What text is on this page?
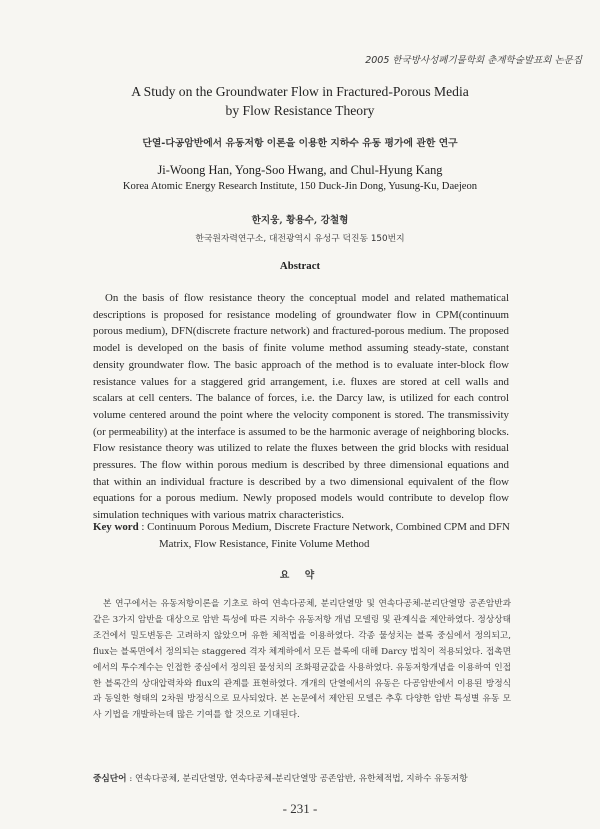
2005 한국방사성폐기물학회 춘계학술발표회 논문집
A Study on the Groundwater Flow in Fractured-Porous Media
by Flow Resistance Theory
단열-다공암반에서 유동저항 이론을 이용한 지하수 유동 평가에 관한 연구
Ji-Woong Han, Yong-Soo Hwang, and Chul-Hyung Kang
Korea Atomic Energy Research Institute, 150 Duck-Jin Dong, Yusung-Ku, Daejeon
한지웅, 황용수, 강철형
한국원자력연구소, 대전광역시 유성구 덕진동 150번지
Abstract

On the basis of flow resistance theory the conceptual model and related mathematical descriptions is proposed for resistance modeling of groundwater flow in CPM(continuum porous medium), DFN(discrete fracture network) and fractured-porous medium. The proposed model is developed on the basis of finite volume method assuming steady-state, constant density groundwater flow. The basic approach of the method is to evaluate inter-block flow resistance values for a staggered grid arrangement, i.e. fluxes are stored at cell walls and scalars at cell centers. The balance of forces, i.e. the Darcy law, is utilized for each control volume centered around the point where the velocity component is stored. The transmissivity (or permeability) at the interface is assumed to be the harmonic average of neighboring blocks. Flow resistance theory was utilized to relate the fluxes between the grid blocks with residual pressures. The flow within porous medium is described by three dimensional equations and that within an individual fracture is described by a two dimensional equivalent of the flow equations for a porous medium. Newly proposed models would contribute to develop flow simulation techniques with various matrix characteristics.

Key word : Continuum Porous Medium, Discrete Fracture Network, Combined CPM and DFN
Matrix, Flow Resistance, Finite Volume Method
요 약

본 연구에서는 유동저항이론을 기초로 하여 연속다공체, 분리단열망 및 연속다공체-분리단열망 공존암반과 같은 3가지 암반을 대상으로 암반 특성에 따른 지하수 유동저항 개념 모델링 및 관계식을 제안하였다. 정상상태조건에서 밀도변동은 고려하지 않았으며 유한 체적법을 이용하였다. 각종 물성치는 블록 중심에서 정의되고, flux는 블록면에서 정의되는 staggered 격자 체계하에서 모든 블록에 대해 Darcy 법칙이 적용되었다. 접촉면에서의 투수계수는 인접한 중심에서 정의된 물성치의 조화평균값을 사용하였다. 유동저항개념을 이용하여 인접한 블록간의 상대압력차와 flux의 관계를 표현하였다. 개개의 단열에서의 유동은 다공암반에서 이용된 방정식과 동일한 형태의 2차원 방정식으로 묘사되었다. 본 논문에서 제안된 모델은 추후 다양한 암반 특성별 유동 모사 기법을 개발하는데 많은 기여를 할 것으로 기대된다.

중심단어 : 연속다공체, 분리단열망, 연속다공체-분리단열망 공존암반, 유한체적법, 지하수 유동저항
- 231 -
